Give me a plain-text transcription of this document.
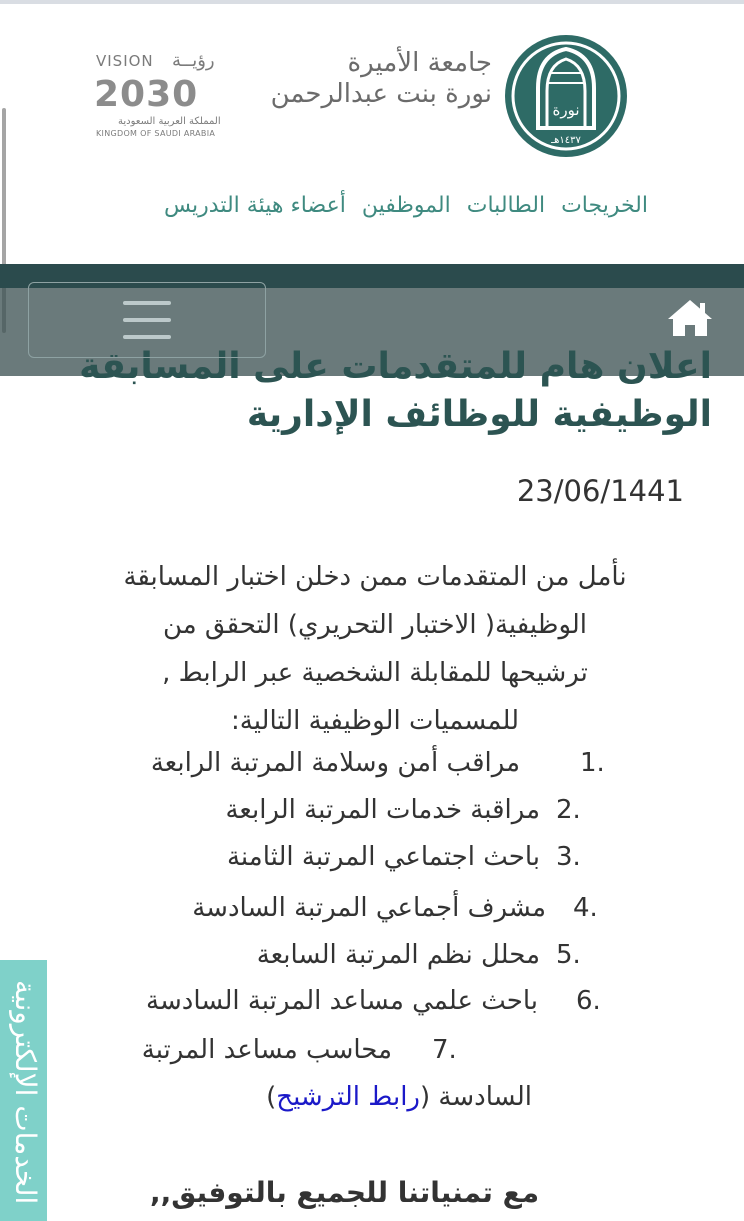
نورة
١٤٣٧هـ
جامعة الأميرة
نورة بنت عبدالرحمن
VISION رؤيــة
2030
المملكة العربية السعودية
KINGDOM OF SAUDI ARABIA
أعضاء هيئة التدريس الموظفين الطالبات الخريجات
اعلان هام للمتقدمات على المسابقة الوظيفية للوظائف الإدارية
23/06/1441
نأمل من المتقدمات ممن دخلن اختبار المسابقة
الوظيفية( الاختبار التحريري) التحقق من
ترشيحها للمقابلة الشخصية عبر الرابط ,
للمسميات الوظيفية التالية:
1.
مراقب أمن وسلامة المرتبة الرابعة
2.
مراقبة خدمات المرتبة الرابعة
3.
باحث اجتماعي المرتبة الثامنة
4.
مشرف أجماعي المرتبة السادسة
5.
محلل نظم المرتبة السابعة
6.
باحث علمي مساعد المرتبة السادسة
7.
محاسب مساعد المرتبة
السادسة (رابط الترشيح)
مع تمنياتنا للجميع بالتوفيق,,
الخدمات الإلكترونية
